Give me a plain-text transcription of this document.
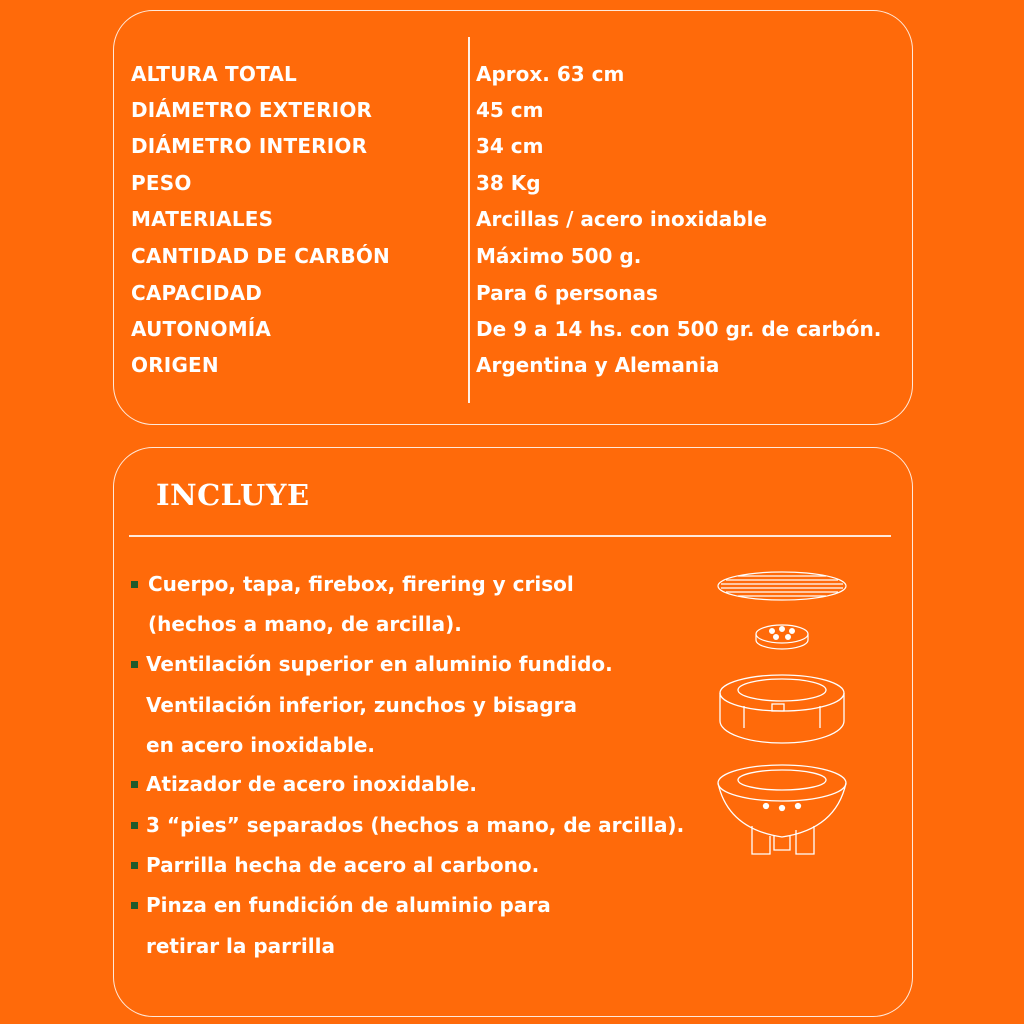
ALTURA TOTAL	Aprox. 63 cm
DIÁMETRO EXTERIOR	45 cm
DIÁMETRO INTERIOR	34 cm
PESO	38 Kg
MATERIALES	Arcillas / acero inoxidable
CANTIDAD DE CARBÓN	Máximo 500 g.
CAPACIDAD	Para 6 personas
AUTONOMÍA	De 9 a 14 hs. con 500 gr. de carbón.
ORIGEN	Argentina y Alemania
INCLUYE
Cuerpo, tapa, firebox, firering y crisol
(hechos a mano, de arcilla).
Ventilación superior en aluminio fundido.
Ventilación inferior, zunchos y bisagra
en acero inoxidable.
Atizador de acero inoxidable.
3 “pies” separados (hechos a mano, de arcilla).
Parrilla hecha de acero al carbono.
Pinza en fundición de aluminio para
retirar la parrilla
